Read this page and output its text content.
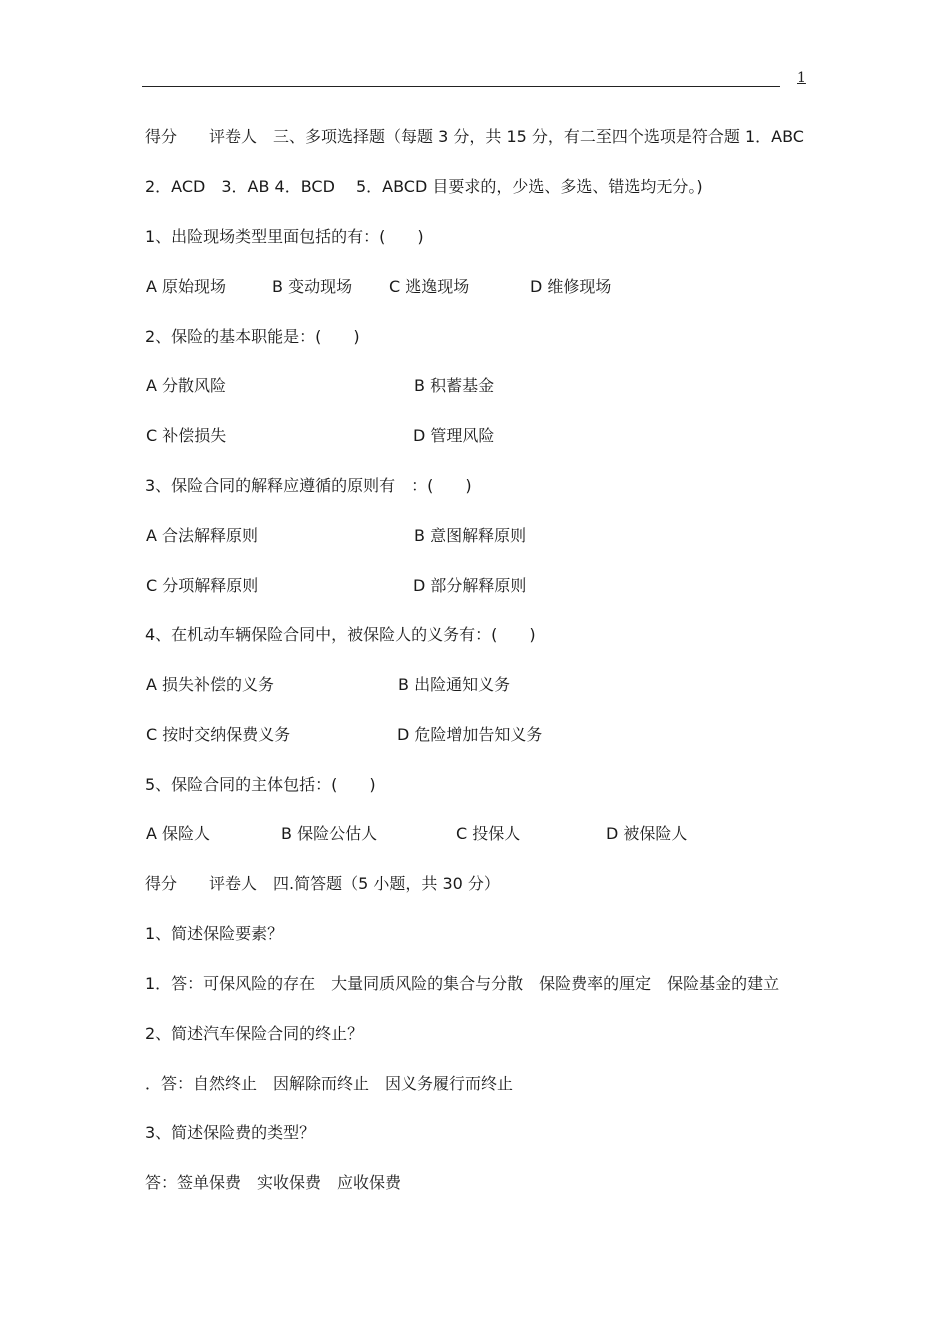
1
得分　　评卷人　三、多项选择题（每题 3 分，共 15 分，有二至四个选项是符合题 1．ABC
2．ACD　3．AB 4．BCD　 5．ABCD 目要求的，少选、多选、错选均无分。)
1、出险现场类型里面包括的有：(　　)
A 原始现场	B 变动现场 C 逃逸现场	D 维修现场
2、保险的基本职能是：(　　)
A 分散风险	B 积蓄基金
C 补偿损失	D 管理风险
3、保险合同的解释应遵循的原则有　：(　　)
A 合法解释原则	B 意图解释原则
C 分项解释原则	D 部分解释原则
4、在机动车辆保险合同中，被保险人的义务有：(　　)
A 损失补偿的义务	B 出险通知义务
C 按时交纳保费义务	D 危险增加告知义务
5、保险合同的主体包括：(　　)
A 保险人	B 保险公估人	C 投保人	D 被保险人
得分　　评卷人　四.简答题（5 小题，共 30 分）
1、简述保险要素？
1．答：可保风险的存在　大量同质风险的集合与分散　保险费率的厘定　保险基金的建立
2、简述汽车保险合同的终止？
．答：自然终止　因解除而终止　因义务履行而终止
3、简述保险费的类型？
答：签单保费　实收保费　应收保费
